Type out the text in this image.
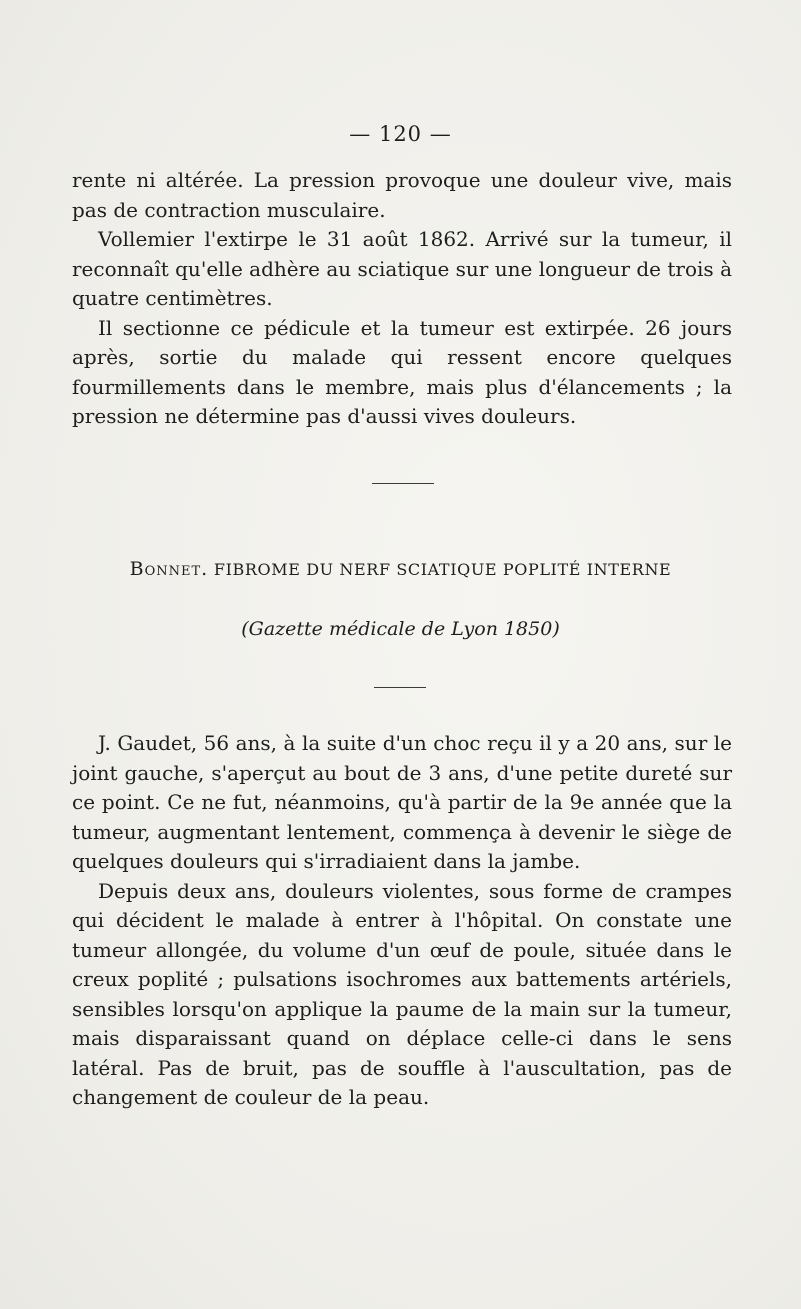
— 120 —

rente ni altérée. La pression provoque une douleur vive, mais pas de contraction musculaire.

Vollemier l'extirpe le 31 août 1862. Arrivé sur la tumeur, il reconnaît qu'elle adhère au sciatique sur une longueur de trois à quatre centimètres.

Il sectionne ce pédicule et la tumeur est extirpée. 26 jours après, sortie du malade qui ressent encore quelques fourmillements dans le membre, mais plus d'élancements ; la pression ne détermine pas d'aussi vives douleurs.

Bonnet. FIBROME DU NERF SCIATIQUE POPLITÉ INTERNE
(Gazette médicale de Lyon 1850)

J. Gaudet, 56 ans, à la suite d'un choc reçu il y a 20 ans, sur le joint gauche, s'aperçut au bout de 3 ans, d'une petite dureté sur ce point. Ce ne fut, néanmoins, qu'à partir de la 9e année que la tumeur, augmentant lentement, commença à devenir le siège de quelques douleurs qui s'irradiaient dans la jambe.

Depuis deux ans, douleurs violentes, sous forme de crampes qui décident le malade à entrer à l'hôpital. On constate une tumeur allongée, du volume d'un œuf de poule, située dans le creux poplité ; pulsations isochromes aux battements artériels, sensibles lorsqu'on applique la paume de la main sur la tumeur, mais disparaissant quand on déplace celle-ci dans le sens latéral. Pas de bruit, pas de souffle à l'auscultation, pas de changement de couleur de la peau.
